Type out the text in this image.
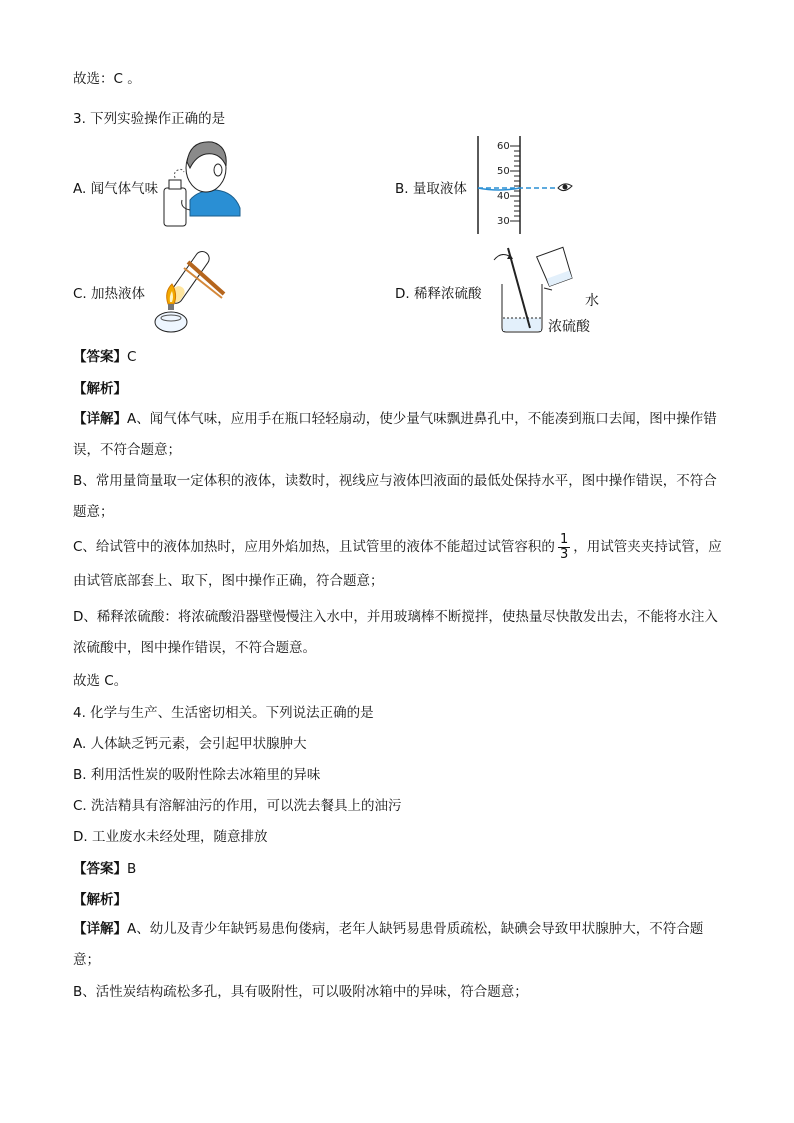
故选：C 。
3. 下列实验操作正确的是
A. 闻气体气味	B. 量取液体
60
50
40
30
C. 加热液体	D. 稀释浓硫酸	水
浓硫酸
【答案】C
【解析】
【详解】A、闻气体气味，应用手在瓶口轻轻扇动，使少量气味飘进鼻孔中，不能凑到瓶口去闻，图中操作错误，不符合题意；
B、常用量筒量取一定体积的液体，读数时，视线应与液体凹液面的最低处保持水平，图中操作错误，不符合题意；
C、给试管中的液体加热时，应用外焰加热，且试管里的液体不能超过试管容积的 $\frac{1}{3}$ ，用试管夹夹持试管，应由试管底部套上、取下，图中操作正确，符合题意；
D、稀释浓硫酸：将浓硫酸沿器壁慢慢注入水中，并用玻璃棒不断搅拌，使热量尽快散发出去，不能将水注入浓硫酸中，图中操作错误，不符合题意。
故选 C。
4. 化学与生产、生活密切相关。下列说法正确的是
A. 人体缺乏钙元素，会引起甲状腺肿大
B. 利用活性炭的吸附性除去冰箱里的异味
C. 洗洁精具有溶解油污的作用，可以洗去餐具上的油污
D. 工业废水未经处理，随意排放
【答案】B
【解析】
【详解】A、幼儿及青少年缺钙易患佝偻病，老年人缺钙易患骨质疏松，缺碘会导致甲状腺肿大，不符合题意；
B、活性炭结构疏松多孔，具有吸附性，可以吸附冰箱中的异味，符合题意；
